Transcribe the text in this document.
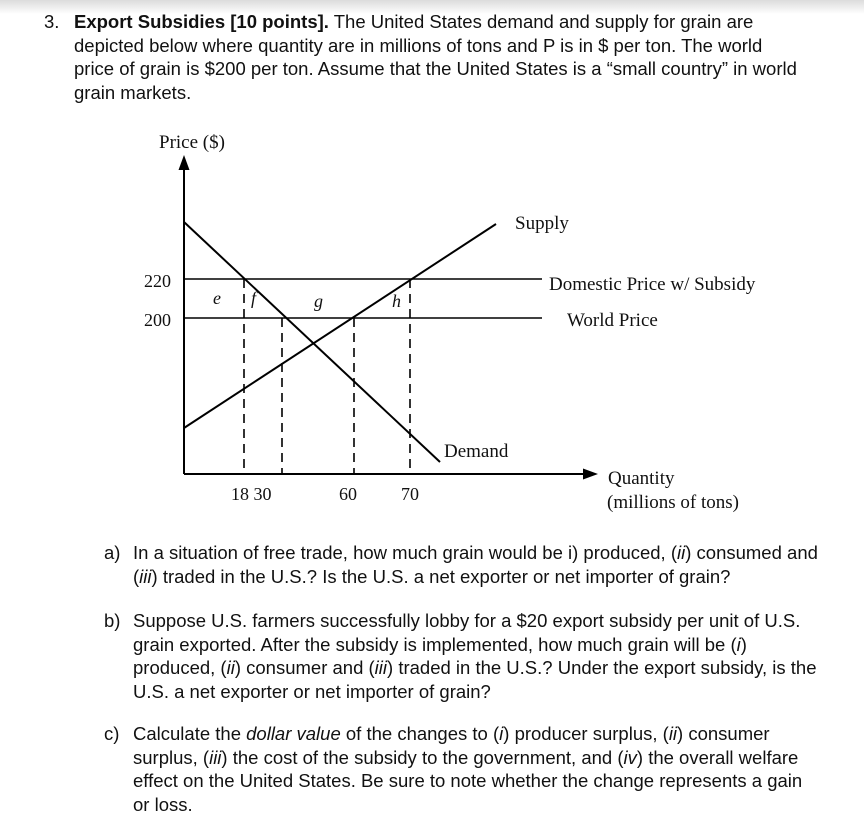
3. Export Subsidies [10 points]. The United States demand and supply for grain are depicted below where quantity are in millions of tons and P is in $ per ton. The world price of grain is $200 per ton. Assume that the United States is a “small country” in world grain markets.
Price ($)
220
200
18 30	60 70
Quantity
(millions of tons)
Supply
Demand
Domestic Price w/ Subsidy
World Price
e f	g	h
a) In a situation of free trade, how much grain would be i) produced, (ii) consumed and (iii) traded in the U.S.? Is the U.S. a net exporter or net importer of grain?
b) Suppose U.S. farmers successfully lobby for a $20 export subsidy per unit of U.S. grain exported. After the subsidy is implemented, how much grain will be (i) produced, (ii) consumer and (iii) traded in the U.S.? Under the export subsidy, is the U.S. a net exporter or net importer of grain?
c) Calculate the dollar value of the changes to (i) producer surplus, (ii) consumer surplus, (iii) the cost of the subsidy to the government, and (iv) the overall welfare effect on the United States. Be sure to note whether the change represents a gain or loss.
